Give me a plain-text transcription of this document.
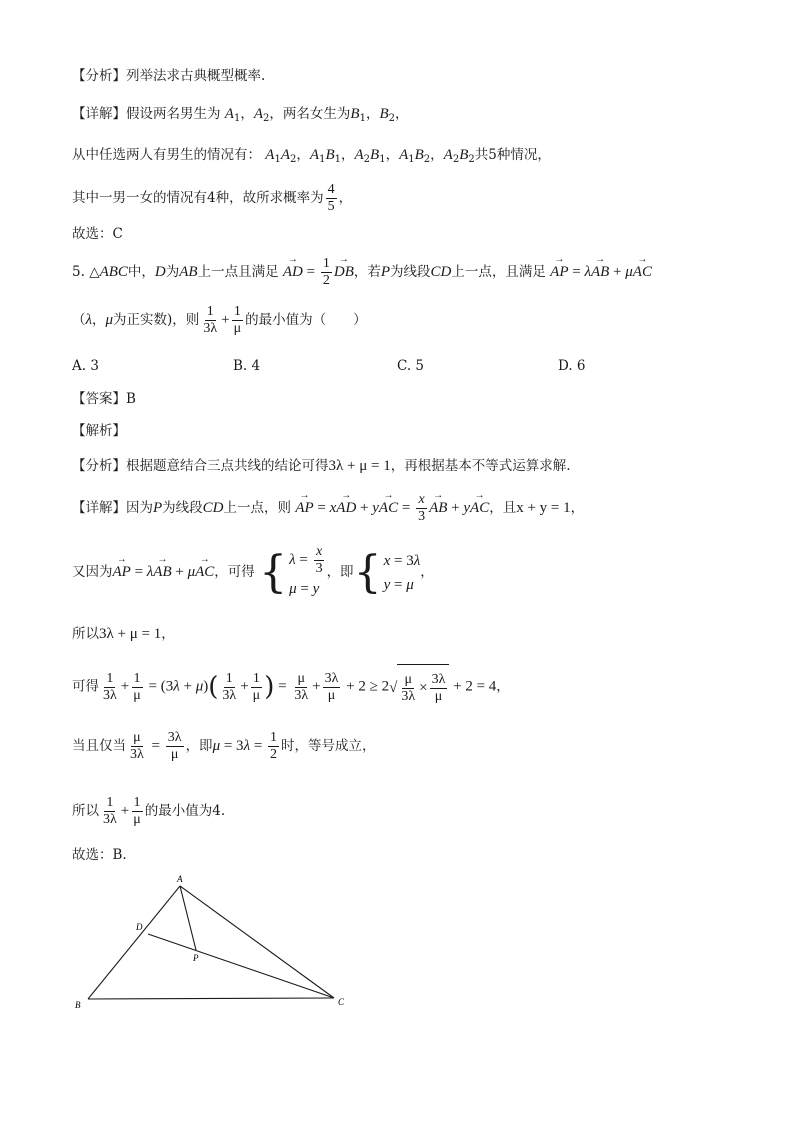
【分析】列举法求古典概型概率.
【详解】假设两名男生为 $A_1$，$A_2$，两名女生为$B_1$，$B_2$，
从中任选两人有男生的情况有： $A_1A_2$，$A_1B_1$，$A_2B_1$，$A_1B_2$，$A_2B_2$共5种情况，
其中一男一女的情况有4种，故所求概率为 $\frac{4}{5}$ ，
故选：C
5. △ABC中，D为AB上一点且满足 → AD = $\frac{1}{2}$ → DB，若P为线段CD上一点，且满足 → AP = λ→ AB + μ→ AC
（λ，μ为正实数)，则 $\frac{1}{3\lambda} + \frac{1}{\mu}$ 的最小值为（　　）
A. 3	B. 4	C. 5	D. 6
【答案】B
【解析】
【分析】根据题意结合三点共线的结论可得3λ + μ = 1，再根据基本不等式运算求解.
【详解】因为P为线段CD上一点，则 → AP = x→ AD + y→ AC = $\frac{x}{3}$ → AB + y→ AC，且x + y = 1，
又因为→ AP = λ→ AB + μ→ AC，可得 { $\lambda = \frac{x}{3}$
μ = y
，即{ x = 3λ
y = μ
，
所以3λ + μ = 1，
可得 $\frac{1}{3\lambda} + \frac{1}{\mu} = (3\lambda + \mu)( \frac{1}{3\lambda} + \frac{1}{\mu}$ ) = $\frac{\mu}{3\lambda} + \frac{3\lambda}{\mu} + 2 \ge 2√ \frac{\mu}{3\lambda} \times \frac{3\lambda}{\mu} + 2 = 4$，
当且仅当 $\frac{\mu}{3\lambda} = \frac{3\lambda}{\mu}$ ，即$\mu = 3\lambda = \frac{1}{2}$ 时，等号成立，
所以 $\frac{1}{3\lambda} + \frac{1}{\mu}$ 的最小值为4.
故选：B.
A
D
P
B	C
